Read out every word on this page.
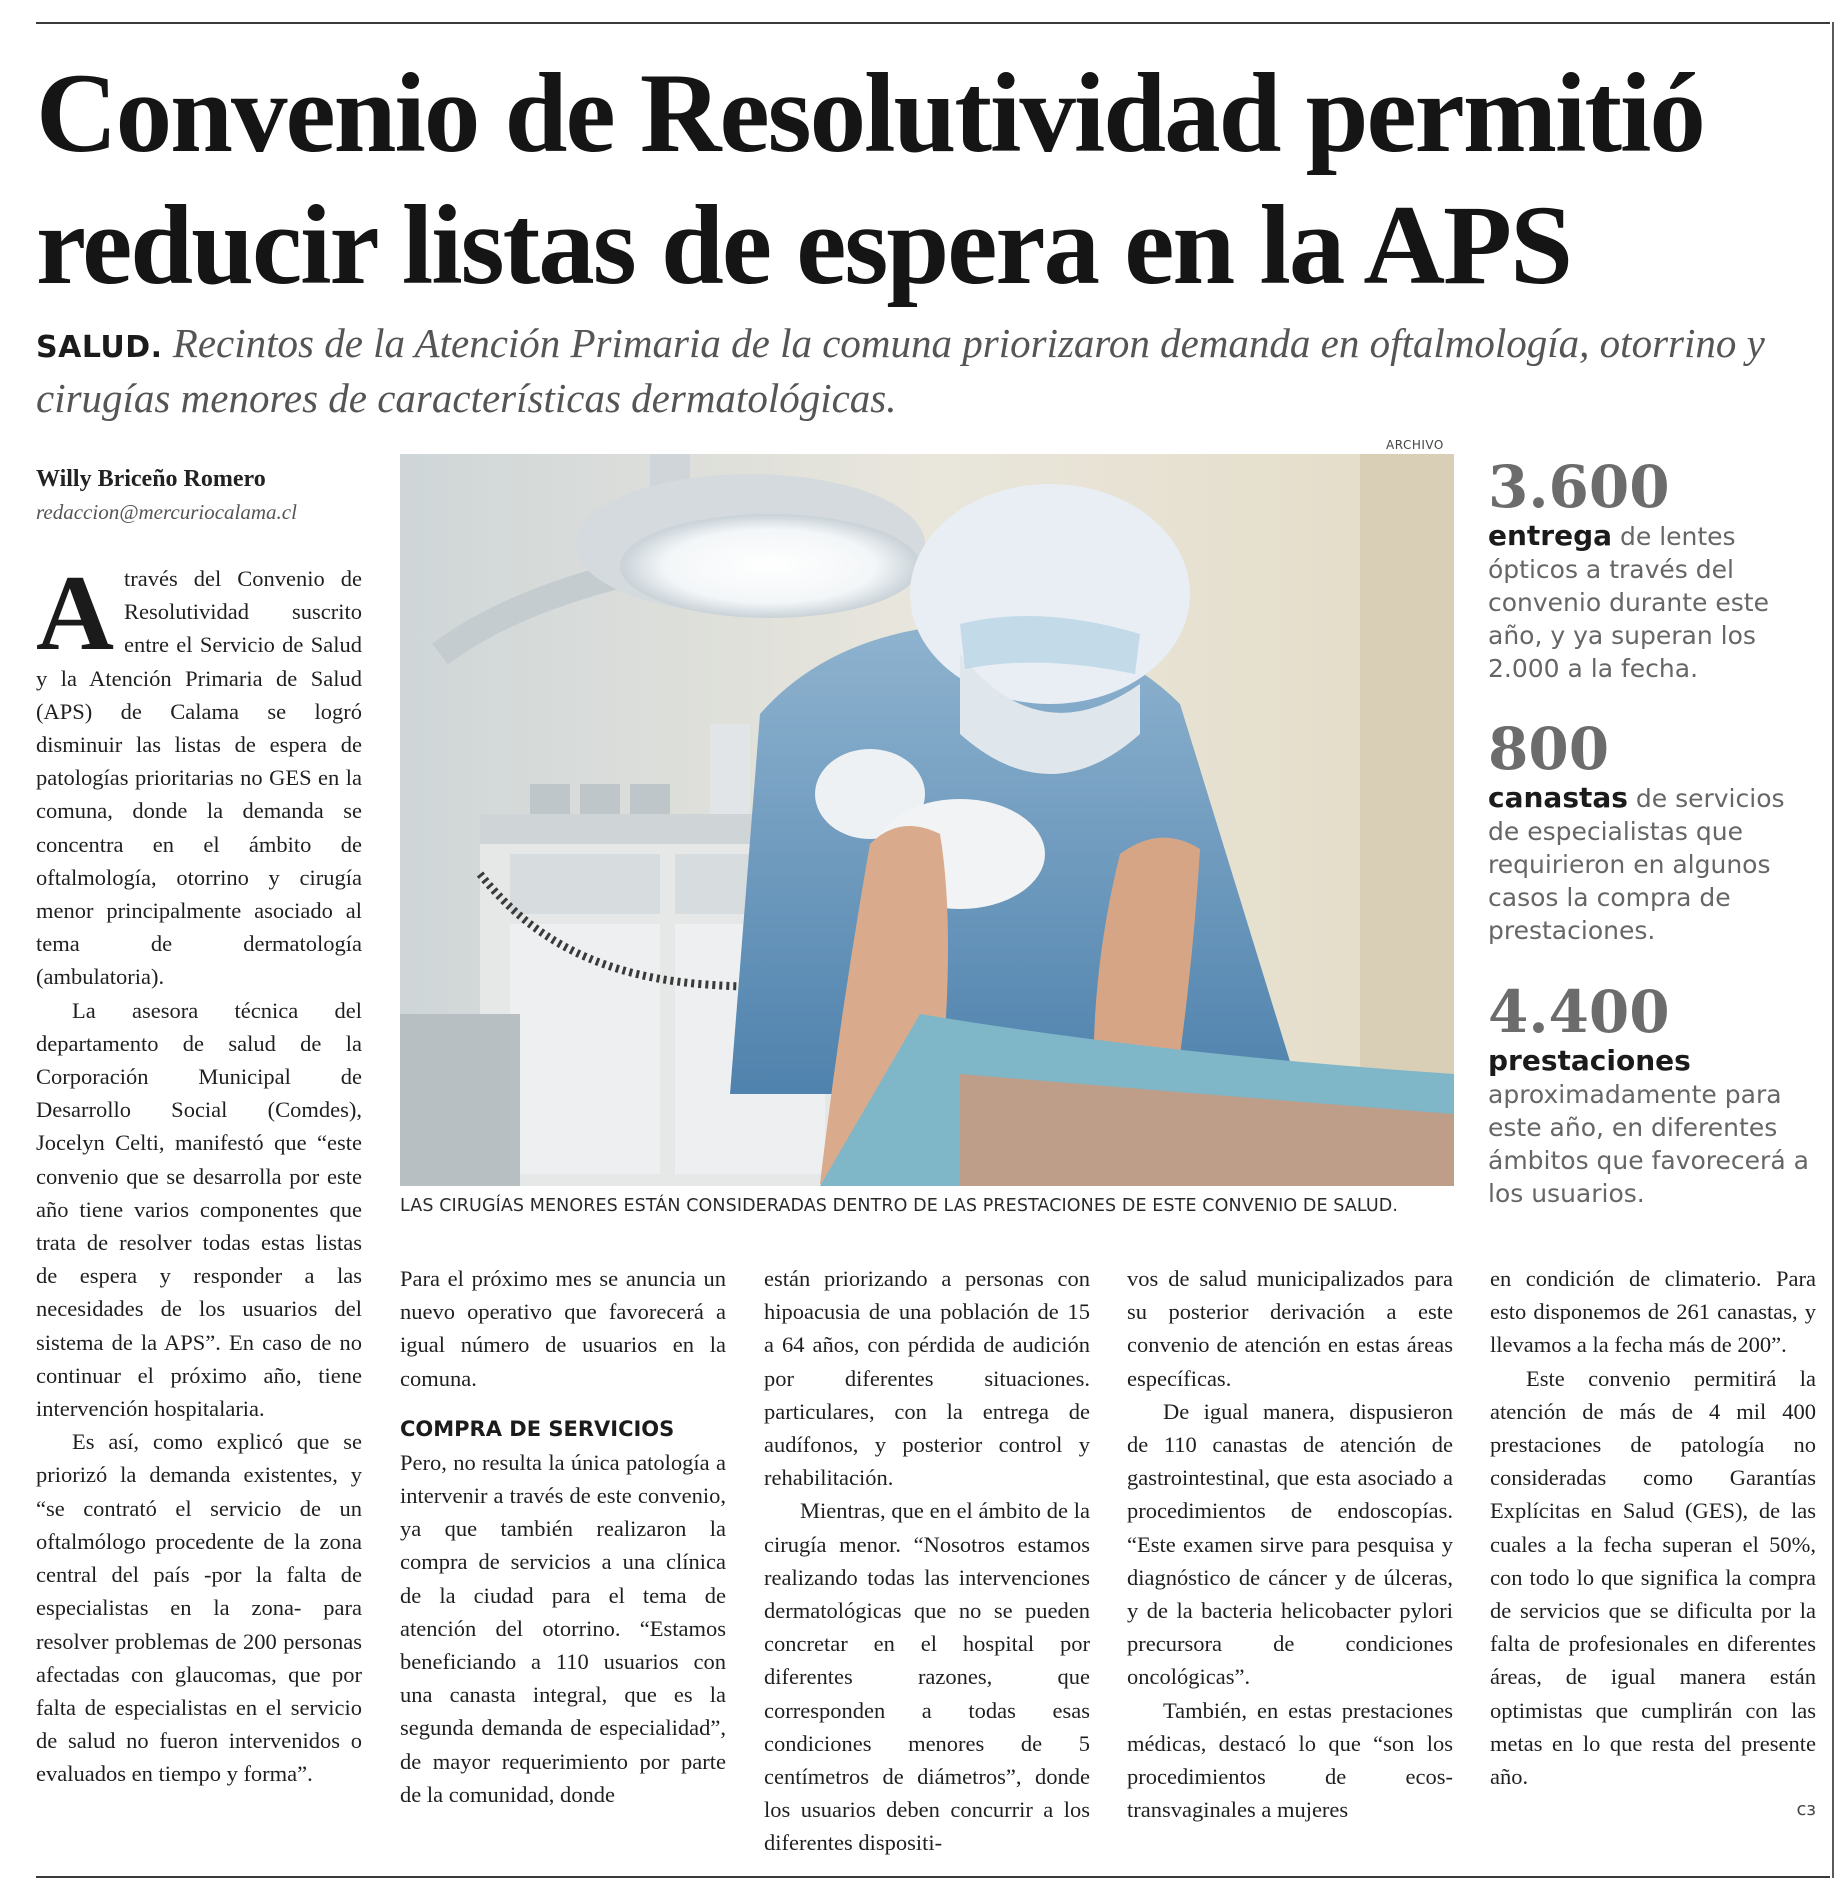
Convenio de Resolutividad permitió reducir listas de espera en la APS

SALUD. Recintos de la Atención Primaria de la comuna priorizaron demanda en oftalmología, otorrino y cirugías menores de características dermatológicas.

Willy Briceño Romero
redaccion@mercuriocalama.cl

Através del Convenio de Resolutividad suscrito entre el Servicio de Salud y la Atención Primaria de Salud (APS) de Calama se logró disminuir las listas de espera de patologías prioritarias no GES en la comuna, donde la demanda se concentra en el ámbito de oftalmología, otorrino y cirugía menor principalmente asociado al tema de dermatología (ambulatoria).

La asesora técnica del departamento de salud de la Corporación Municipal de Desarrollo Social (Comdes), Jocelyn Celti, manifestó que “este convenio que se desarrolla por este año tiene varios componentes que trata de resolver todas estas listas de espera y responder a las necesidades de los usuarios del sistema de la APS”. En caso de no continuar el próximo año, tiene intervención hospitalaria.

Es así, como explicó que se priorizó la demanda existentes, y “se contrató el servicio de un oftalmólogo procedente de la zona central del país -por la falta de especialistas en la zona- para resolver problemas de 200 personas afectadas con glaucomas, que por falta de especialistas en el servicio de salud no fueron intervenidos o evaluados en tiempo y forma”.

ARCHIVO
LAS CIRUGÍAS MENORES ESTÁN CONSIDERADAS DENTRO DE LAS PRESTACIONES DE ESTE CONVENIO DE SALUD.
3.600

entrega de lentes ópticos a través del convenio durante este año, y ya superan los 2.000 a la fecha.

800

canastas de servicios de especialistas que requirieron en algunos casos la compra de prestaciones.

4.400

prestaciones aproximadamente para este año, en diferentes ámbitos que favorecerá a los usuarios.

Para el próximo mes se anuncia un nuevo operativo que favorecerá a igual número de usuarios en la comuna.

COMPRA DE SERVICIOS

Pero, no resulta la única patología a intervenir a través de este convenio, ya que también realizaron la compra de servicios a una clínica de la ciudad para el tema de atención del otorrino. “Estamos beneficiando a 110 usuarios con una canasta integral, que es la segunda demanda de especialidad”, de mayor requerimiento por parte de la comunidad, donde

están priorizando a personas con hipoacusia de una población de 15 a 64 años, con pérdida de audición por diferentes situaciones. particulares, con la entrega de audífonos, y posterior control y rehabilitación.

Mientras, que en el ámbito de la cirugía menor. “Nosotros estamos realizando todas las intervenciones dermatológicas que no se pueden concretar en el hospital por diferentes razones, que corresponden a todas esas condiciones menores de 5 centímetros de diámetros”, donde los usuarios deben concurrir a los diferentes dispositi-

vos de salud municipalizados para su posterior derivación a este convenio de atención en estas áreas específicas.

De igual manera, dispusieron de 110 canastas de atención de gastrointestinal, que esta asociado a procedimientos de endoscopías. “Este examen sirve para pesquisa y diagnóstico de cáncer y de úlceras, y de la bacteria helicobacter pylori precursora de condiciones oncológicas”.

También, en estas prestaciones médicas, destacó lo que “son los procedimientos de ecos-transvaginales a mujeres

en condición de climaterio. Para esto disponemos de 261 canastas, y llevamos a la fecha más de 200”.

Este convenio permitirá la atención de más de 4 mil 400 prestaciones de patología no consideradas como Garantías Explícitas en Salud (GES), de las cuales a la fecha superan el 50%, con todo lo que significa la compra de servicios que se dificulta por la falta de profesionales en diferentes áreas, de igual manera están optimistas que cumplirán con las metas en lo que resta del presente año.

cз
